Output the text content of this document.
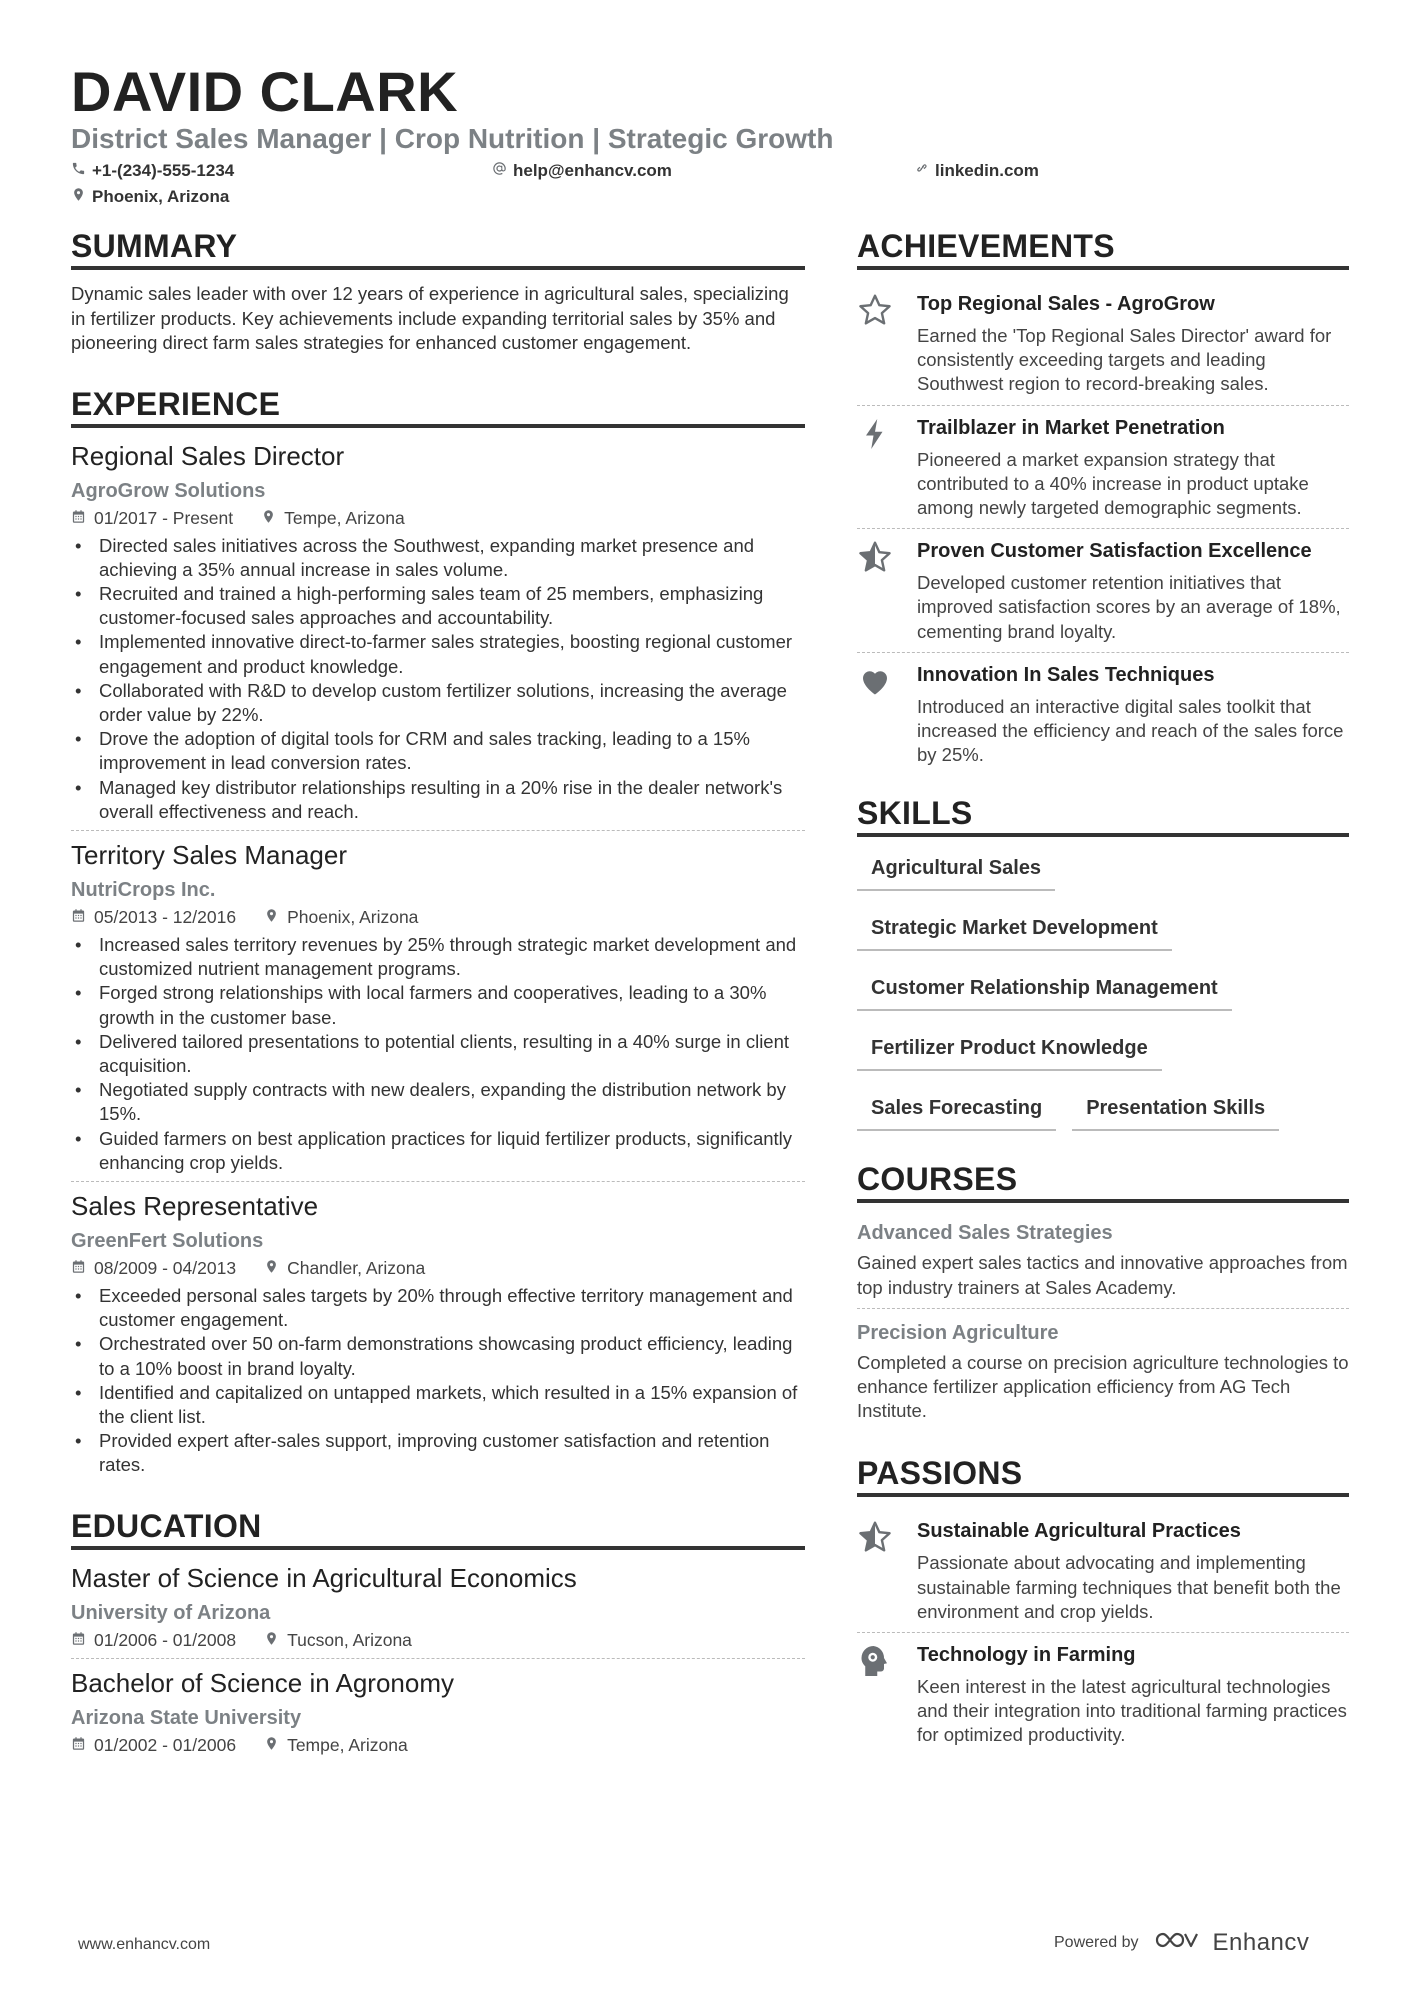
DAVID CLARK
District Sales Manager | Crop Nutrition | Strategic Growth
+1-(234)-555-1234	help@enhancv.com	linkedin.com
Phoenix, Arizona
SUMMARY
Dynamic sales leader with over 12 years of experience in agricultural sales, specializing in fertilizer products. Key achievements include expanding territorial sales by 35% and pioneering direct farm sales strategies for enhanced customer engagement.
EXPERIENCE
Regional Sales Director
AgroGrow Solutions
01/2017 - Present	Tempe, Arizona
• Directed sales initiatives across the Southwest, expanding market presence and achieving a 35% annual increase in sales volume.
• Recruited and trained a high-performing sales team of 25 members, emphasizing customer-focused sales approaches and accountability.
• Implemented innovative direct-to-farmer sales strategies, boosting regional customer engagement and product knowledge.
• Collaborated with R&D to develop custom fertilizer solutions, increasing the average order value by 22%.
• Drove the adoption of digital tools for CRM and sales tracking, leading to a 15% improvement in lead conversion rates.
• Managed key distributor relationships resulting in a 20% rise in the dealer network's overall effectiveness and reach.
Territory Sales Manager
NutriCrops Inc.
05/2013 - 12/2016	Phoenix, Arizona
• Increased sales territory revenues by 25% through strategic market development and customized nutrient management programs.
• Forged strong relationships with local farmers and cooperatives, leading to a 30% growth in the customer base.
• Delivered tailored presentations to potential clients, resulting in a 40% surge in client acquisition.
• Negotiated supply contracts with new dealers, expanding the distribution network by 15%.
• Guided farmers on best application practices for liquid fertilizer products, significantly enhancing crop yields.
Sales Representative
GreenFert Solutions
08/2009 - 04/2013	Chandler, Arizona
• Exceeded personal sales targets by 20% through effective territory management and customer engagement.
• Orchestrated over 50 on-farm demonstrations showcasing product efficiency, leading to a 10% boost in brand loyalty.
• Identified and capitalized on untapped markets, which resulted in a 15% expansion of the client list.
• Provided expert after-sales support, improving customer satisfaction and retention rates.
EDUCATION
Master of Science in Agricultural Economics
University of Arizona
01/2006 - 01/2008	Tucson, Arizona
Bachelor of Science in Agronomy
Arizona State University
01/2002 - 01/2006	Tempe, Arizona
ACHIEVEMENTS
Top Regional Sales - AgroGrow
Earned the 'Top Regional Sales Director' award for consistently exceeding targets and leading Southwest region to record-breaking sales.
Trailblazer in Market Penetration
Pioneered a market expansion strategy that contributed to a 40% increase in product uptake among newly targeted demographic segments.
Proven Customer Satisfaction Excellence
Developed customer retention initiatives that improved satisfaction scores by an average of 18%, cementing brand loyalty.
Innovation In Sales Techniques
Introduced an interactive digital sales toolkit that increased the efficiency and reach of the sales force by 25%.
SKILLS
Agricultural Sales
Strategic Market Development
Customer Relationship Management
Fertilizer Product Knowledge
Sales Forecasting	Presentation Skills
COURSES
Advanced Sales Strategies
Gained expert sales tactics and innovative approaches from top industry trainers at Sales Academy.
Precision Agriculture
Completed a course on precision agriculture technologies to enhance fertilizer application efficiency from AG Tech Institute.
PASSIONS
Sustainable Agricultural Practices
Passionate about advocating and implementing sustainable farming techniques that benefit both the environment and crop yields.
Technology in Farming
Keen interest in the latest agricultural technologies and their integration into traditional farming practices for optimized productivity.
www.enhancv.com	Powered by	Enhancv
